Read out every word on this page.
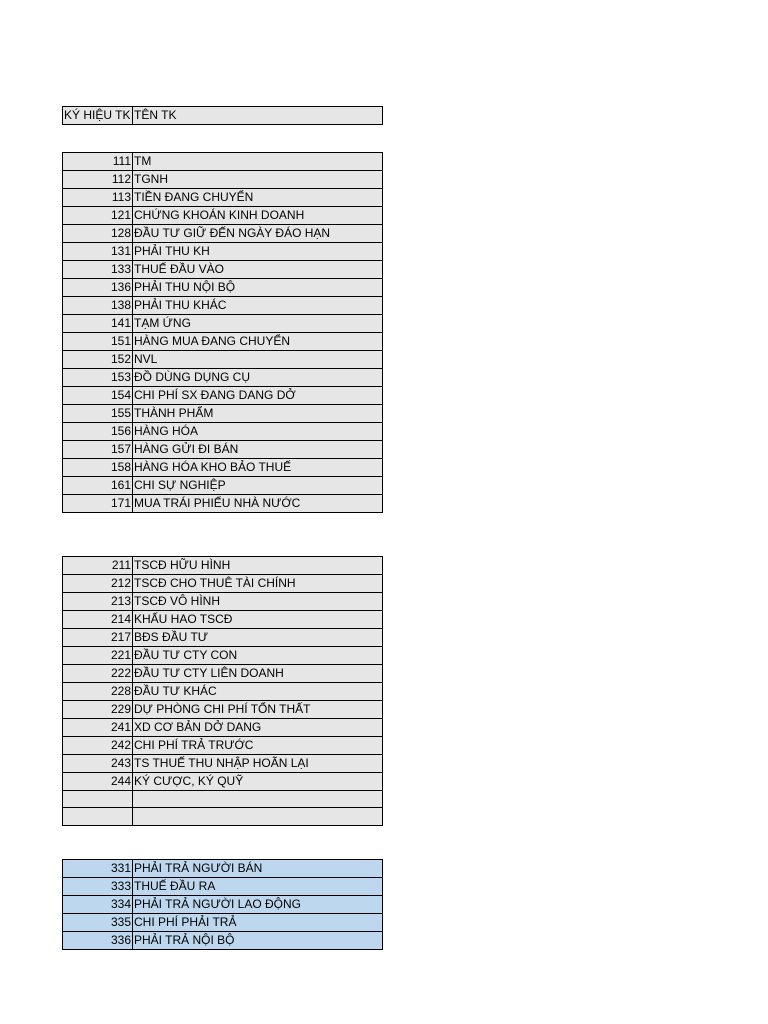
KÝ HIỆU TK	TÊN TK
111	TM
112	TGNH
113	TIỀN ĐANG CHUYỂN
121	CHỨNG KHOÁN KINH DOANH
128	ĐẦU TƯ GIỮ ĐẾN NGÀY ĐÁO HẠN
131	PHẢI THU KH
133	THUẾ ĐẦU VÀO
136	PHẢI THU NỘI BỘ
138	PHẢI THU KHÁC
141	TẠM ỨNG
151	HÀNG MUA ĐANG CHUYỂN
152	NVL
153	ĐỒ DÙNG DỤNG CỤ
154	CHI PHÍ SX ĐANG DANG DỞ
155	THÀNH PHẨM
156	HÀNG HÓA
157	HÀNG GỬI ĐI BÁN
158	HÀNG HÓA KHO BẢO THUẾ
161	CHI SỰ NGHIỆP
171	MUA TRÁI PHIẾU NHÀ NƯỚC
211	TSCĐ HỮU HÌNH
212	TSCĐ CHO THUÊ TÀI CHÍNH
213	TSCĐ VÔ HÌNH
214	KHẤU HAO TSCĐ
217	BĐS ĐẦU TƯ
221	ĐẦU TƯ CTY CON
222	ĐẦU TƯ CTY LIÊN DOANH
228	ĐẦU TƯ KHÁC
229	DỰ PHÒNG CHI PHÍ TỔN THẤT
241	XD CƠ BẢN DỞ DANG
242	CHI PHÍ TRẢ TRƯỚC
243	TS THUẾ THU NHẬP HOÃN LẠI
244	KÝ CƯỢC, KÝ QUỸ

331	PHẢI TRẢ NGƯỜI BÁN
333	THUẾ ĐẦU RA
334	PHẢI TRẢ NGƯỜI LAO ĐỘNG
335	CHI PHÍ PHẢI TRẢ
336	PHẢI TRẢ NỘI BỘ
